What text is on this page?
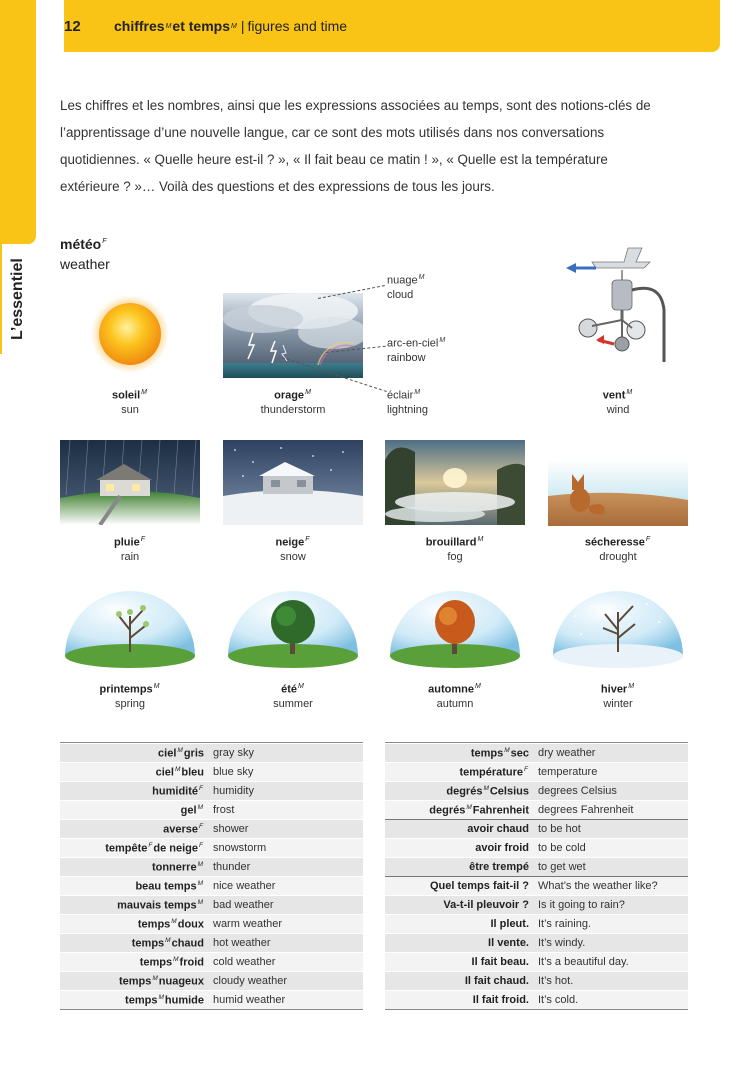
12	chiffres M et temps M | figures and time
L’essentiel

Les chiffres et les nombres, ainsi que les expressions associées au temps, sont des notions-clés de l’apprentissage d’une nouvelle langue, car ce sont des mots utilisés dans nos conversations quotidiennes. « Quelle heure est-il ? », « Il fait beau ce matin ! », « Quelle est la température extérieure ? »… Voilà des questions et des expressions de tous les jours.

météo$^F$
weather
soleil$^M$
sun
orage$^M$
thunderstorm
nuage$^M$
cloud
arc-en-ciel$^M$
rainbow
éclair$^M$
lightning
vent$^M$
wind
pluie$^F$
rain
neige$^F$
snow
brouillard$^M$
fog
sécheresse$^F$
drought
printemps$^M$
spring
été$^M$
summer
automne$^M$
autumn
hiver$^M$
winter
ciel$^M$gris gray sky
ciel$^M$bleu blue sky
humidité$^F$ humidity
gel$^M$ frost
averse$^F$ shower
tempête$^F$de neige$^F$ snowstorm
tonnerre$^M$ thunder
beau temps$^M$ nice weather
mauvais temps$^M$ bad weather
temps$^M$doux warm weather
temps$^M$chaud hot weather
temps$^M$froid cold weather
temps$^M$nuageux cloudy weather
temps$^M$humide humid weather
temps$^M$sec dry weather
température$^F$ temperature
degrés$^M$Celsius degrees Celsius
degrés$^M$Fahrenheit degrees Fahrenheit
avoir chaud to be hot
avoir froid to be cold
être trempé to get wet
Quel temps fait-il ? What’s the weather like?
Va-t-il pleuvoir ? Is it going to rain?
Il pleut. It’s raining.
Il vente. It’s windy.
Il fait beau. It’s a beautiful day.
Il fait chaud. It’s hot.
Il fait froid. It’s cold.
